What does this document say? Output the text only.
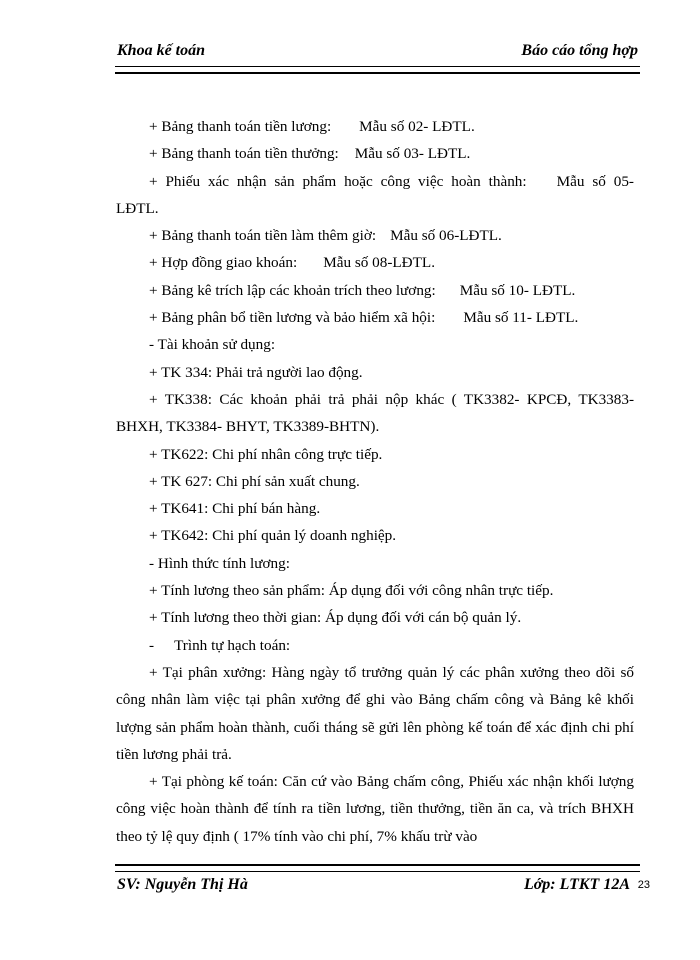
Khoa kế toán	Báo cáo tổng hợp

+ Bảng thanh toán tiền lương: Mẫu số 02- LĐTL.

+ Bảng thanh toán tiền thưởng: Mẫu số 03- LĐTL.

+ Phiếu xác nhận sản phẩm hoặc công việc hoàn thành: Mẫu số 05-LĐTL.

+ Bảng thanh toán tiền làm thêm giờ: Mẫu số 06-LĐTL.

+ Hợp đồng giao khoán: Mẫu số 08-LĐTL.

+ Bảng kê trích lập các khoản trích theo lương: Mẫu số 10- LĐTL.

+ Bảng phân bổ tiền lương và bảo hiểm xã hội: Mẫu số 11- LĐTL.

- Tài khoản sử dụng:

+ TK 334: Phải trả người lao động.

+ TK338: Các khoản phải trả phải nộp khác ( TK3382- KPCĐ, TK3383-BHXH, TK3384- BHYT, TK3389-BHTN).

+ TK622: Chi phí nhân công trực tiếp.

+ TK 627: Chi phí sản xuất chung.

+ TK641: Chi phí bán hàng.

+ TK642: Chi phí quản lý doanh nghiệp.

- Hình thức tính lương:

+ Tính lương theo sản phẩm: Áp dụng đối với công nhân trực tiếp.

+ Tính lương theo thời gian: Áp dụng đối với cán bộ quản lý.

- Trình tự hạch toán:

+ Tại phân xưởng: Hàng ngày tổ trưởng quản lý các phân xưởng theo dõi số công nhân làm việc tại phân xưởng để ghi vào Bảng chấm công và Bảng kê khối lượng sản phẩm hoàn thành, cuối tháng sẽ gửi lên phòng kế toán để xác định chi phí tiền lương phải trả.

+ Tại phòng kế toán: Căn cứ vào Bảng chấm công, Phiếu xác nhận khối lượng công việc hoàn thành để tính ra tiền lương, tiền thưởng, tiền ăn ca, và trích BHXH theo tỷ lệ quy định ( 17% tính vào chi phí, 7% khấu trừ vào

SV: Nguyễn Thị Hà	Lớp: LTKT 12A 23
